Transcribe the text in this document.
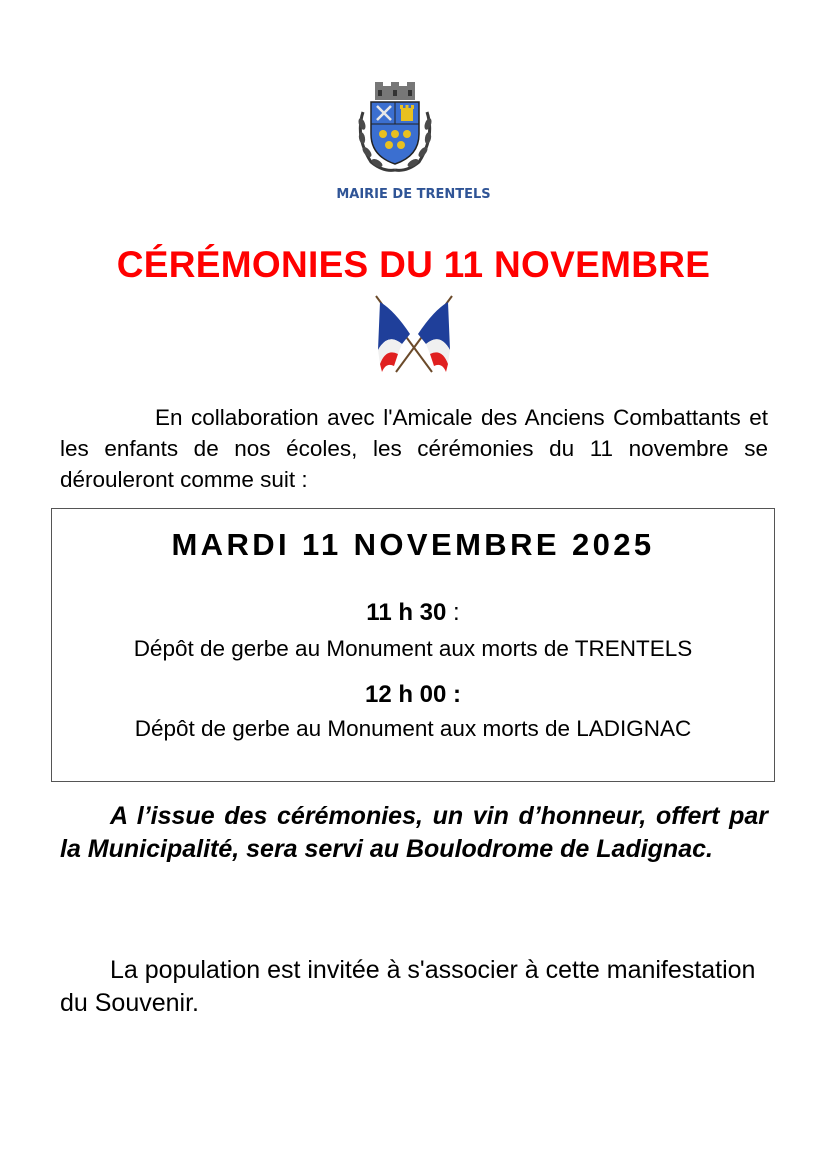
MAIRIE DE TRENTELS
CÉRÉMONIES DU 11 NOVEMBRE
En collaboration avec l'Amicale des Anciens Combattants et les enfants de nos écoles, les cérémonies du 11 novembre se dérouleront comme suit :
MARDI 11 NOVEMBRE 2025
11 h 30 :
Dépôt de gerbe au Monument aux morts de TRENTELS
12 h 00 :
Dépôt de gerbe au Monument aux morts de LADIGNAC
A l’issue des cérémonies, un vin d’honneur, offert par la Municipalité, sera servi au Boulodrome de Ladignac.
La population est invitée à s'associer à cette manifestation du Souvenir.
